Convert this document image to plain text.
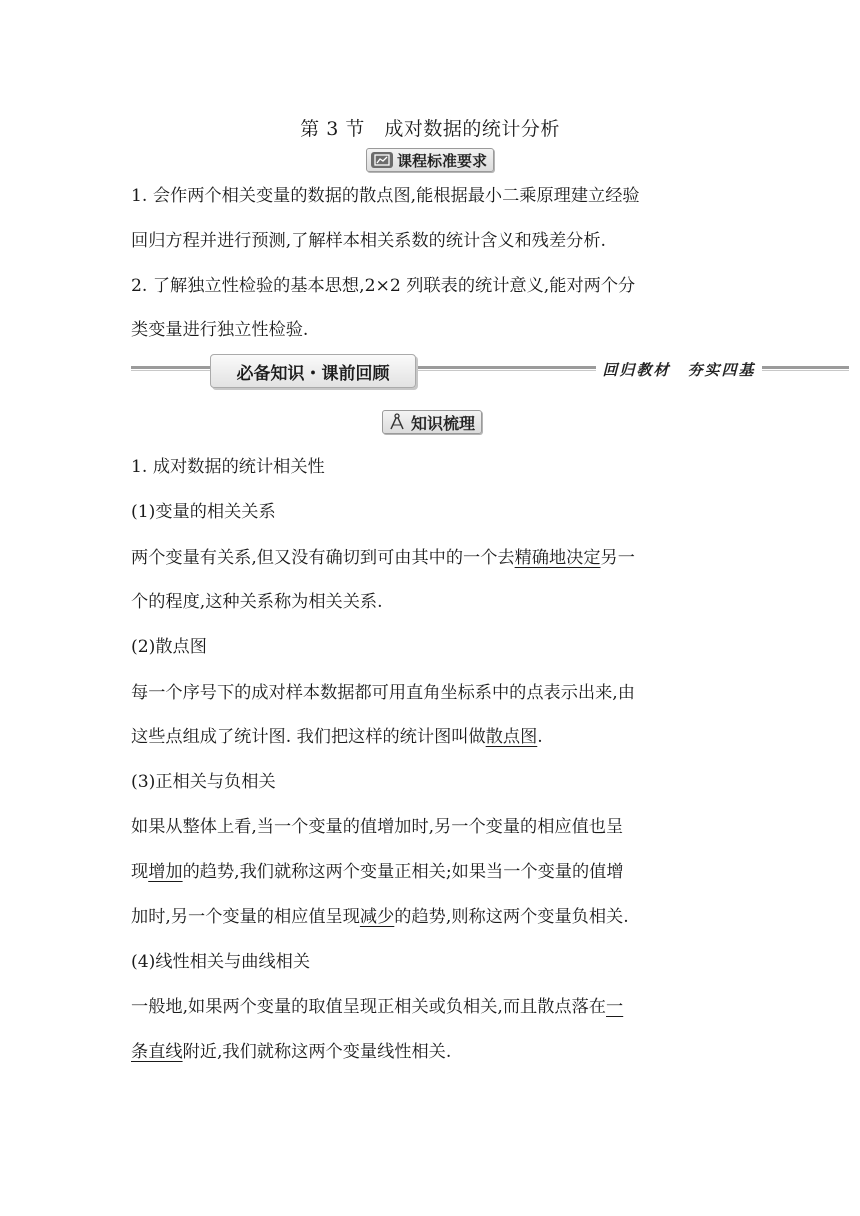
第 3 节　成对数据的统计分析
课程标准要求
1. 会作两个相关变量的数据的散点图,能根据最小二乘原理建立经验
回归方程并进行预测,了解样本相关系数的统计含义和残差分析.
2. 了解独立性检验的基本思想,2×2 列联表的统计意义,能对两个分
类变量进行独立性检验.
必备知识・课前回顾	回归教材　夯实四基
知识梳理
1. 成对数据的统计相关性
(1)变量的相关关系
两个变量有关系,但又没有确切到可由其中的一个去精确地决定另一
个的程度,这种关系称为相关关系.
(2)散点图
每一个序号下的成对样本数据都可用直角坐标系中的点表示出来,由
这些点组成了统计图. 我们把这样的统计图叫做散点图.
(3)正相关与负相关
如果从整体上看,当一个变量的值增加时,另一个变量的相应值也呈
现增加的趋势,我们就称这两个变量正相关;如果当一个变量的值增
加时,另一个变量的相应值呈现减少的趋势,则称这两个变量负相关.
(4)线性相关与曲线相关
一般地,如果两个变量的取值呈现正相关或负相关,而且散点落在一
条直线附近,我们就称这两个变量线性相关.
